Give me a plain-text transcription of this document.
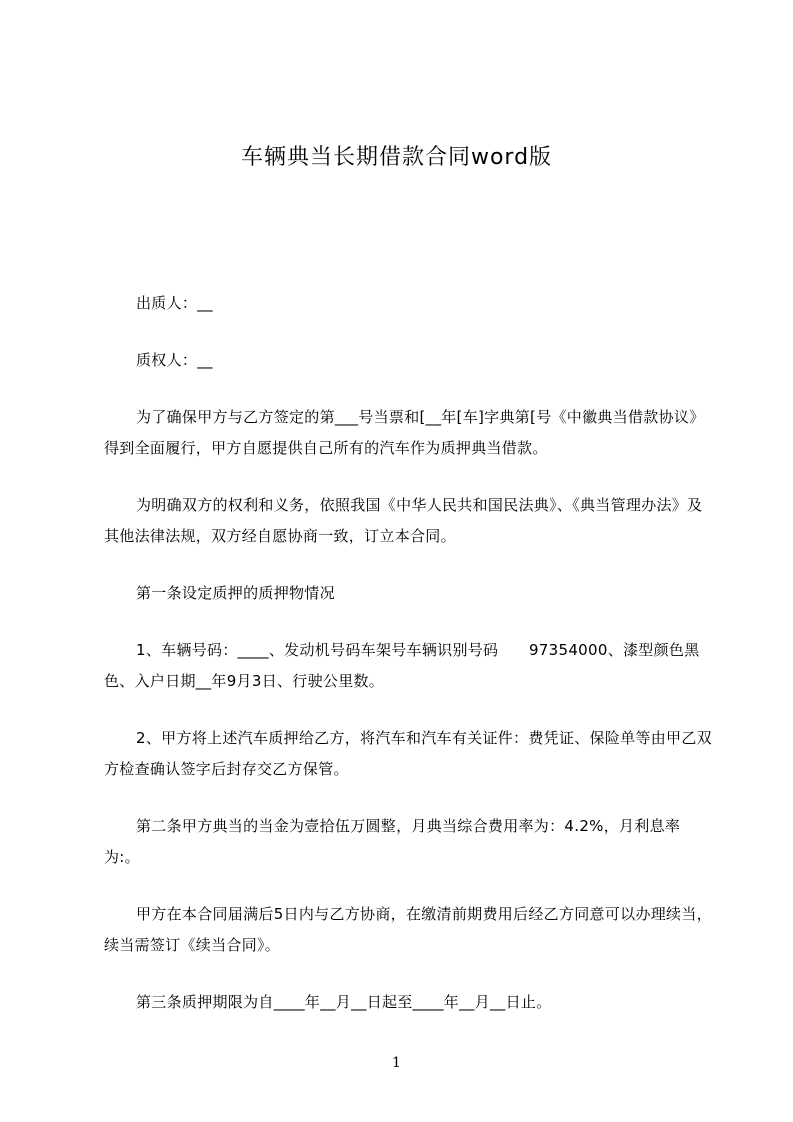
车辆典当长期借款合同word版

出质人：__

质权人：__

为了确保甲方与乙方签定的第___号当票和[__年[车]字典第[号《中徽典当借款协议》得到全面履行，甲方自愿提供自己所有的汽车作为质押典当借款。

为明确双方的权利和义务，依照我国《中华人民共和国民法典》、《典当管理办法》及其他法律法规，双方经自愿协商一致，订立本合同。

第一条设定质押的质押物情况

1、车辆号码：____、发动机号码车架号车辆识别号码　　97354000、漆型颜色黑色、入户日期__年9月3日、行驶公里数。

2、甲方将上述汽车质押给乙方，将汽车和汽车有关证件：费凭证、保险单等由甲乙双方检查确认签字后封存交乙方保管。

第二条甲方典当的当金为壹拾伍万圆整，月典当综合费用率为：4.2%，月利息率为:。

甲方在本合同届满后5日内与乙方协商，在缴清前期费用后经乙方同意可以办理续当，续当需签订《续当合同》。

第三条质押期限为自____年__月__日起至____年__月__日止。

1
